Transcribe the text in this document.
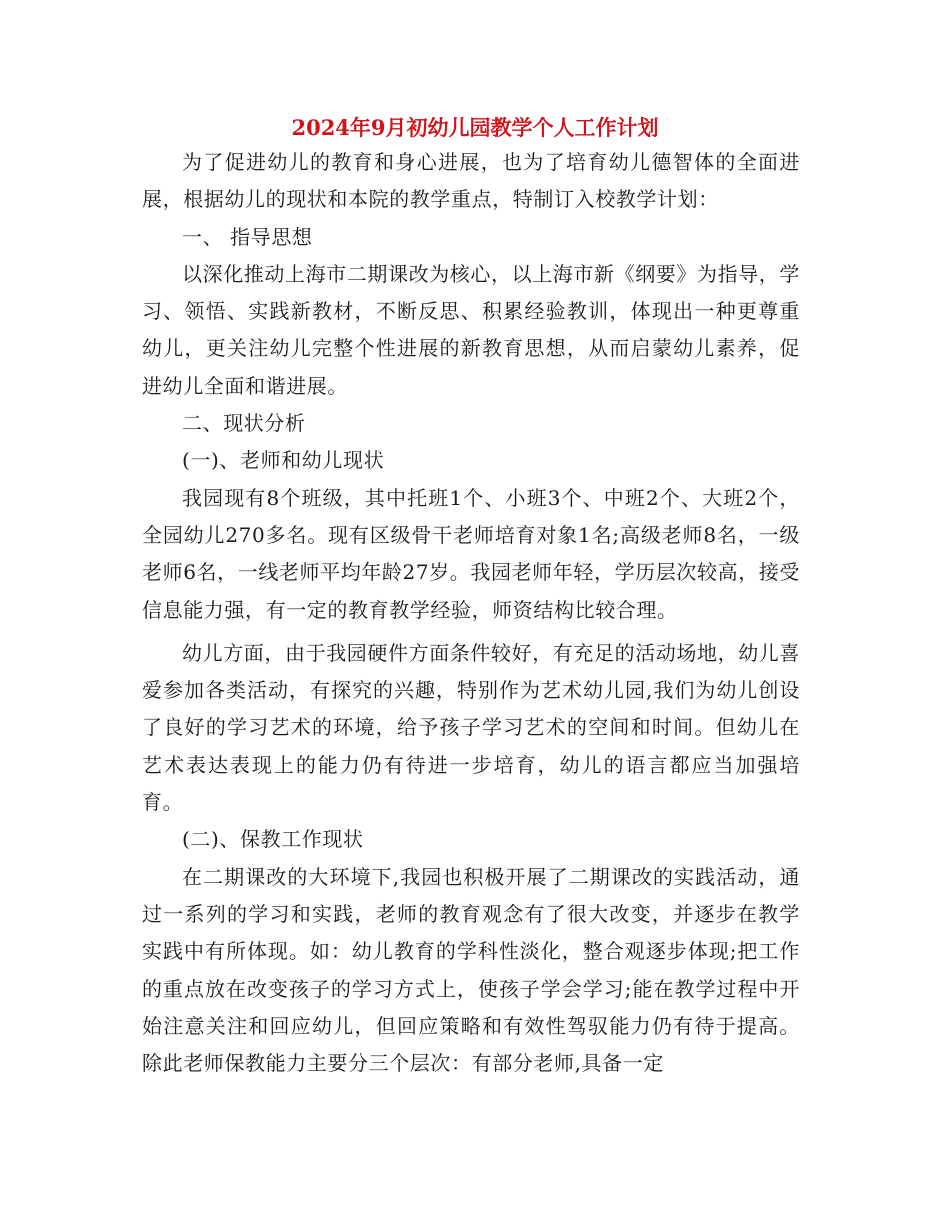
2024年9月初幼儿园教学个人工作计划

为了促进幼儿的教育和身心进展，也为了培育幼儿德智体的全面进展，根据幼儿的现状和本院的教学重点，特制订入校教学计划：

一、 指导思想

以深化推动上海市二期课改为核心，以上海市新《纲要》为指导，学习、领悟、实践新教材，不断反思、积累经验教训，体现出一种更尊重幼儿，更关注幼儿完整个性进展的新教育思想，从而启蒙幼儿素养，促进幼儿全面和谐进展。

二、现状分析

(一)、老师和幼儿现状

我园现有8个班级，其中托班1个、小班3个、中班2个、大班2个，全园幼儿270多名。现有区级骨干老师培育对象1名;高级老师8名，一级老师6名，一线老师平均年龄27岁。我园老师年轻，学历层次较高，接受信息能力强，有一定的教育教学经验，师资结构比较合理。

幼儿方面，由于我园硬件方面条件较好，有充足的活动场地，幼儿喜爱参加各类活动，有探究的兴趣，特别作为艺术幼儿园,我们为幼儿创设了良好的学习艺术的环境，给予孩子学习艺术的空间和时间。但幼儿在艺术表达表现上的能力仍有待进一步培育，幼儿的语言都应当加强培育。

(二)、保教工作现状

在二期课改的大环境下,我园也积极开展了二期课改的实践活动，通过一系列的学习和实践，老师的教育观念有了很大改变，并逐步在教学实践中有所体现。如：幼儿教育的学科性淡化，整合观逐步体现;把工作的重点放在改变孩子的学习方式上，使孩子学会学习;能在教学过程中开始注意关注和回应幼儿，但回应策略和有效性驾驭能力仍有待于提高。除此老师保教能力主要分三个层次：有部分老师,具备一定
